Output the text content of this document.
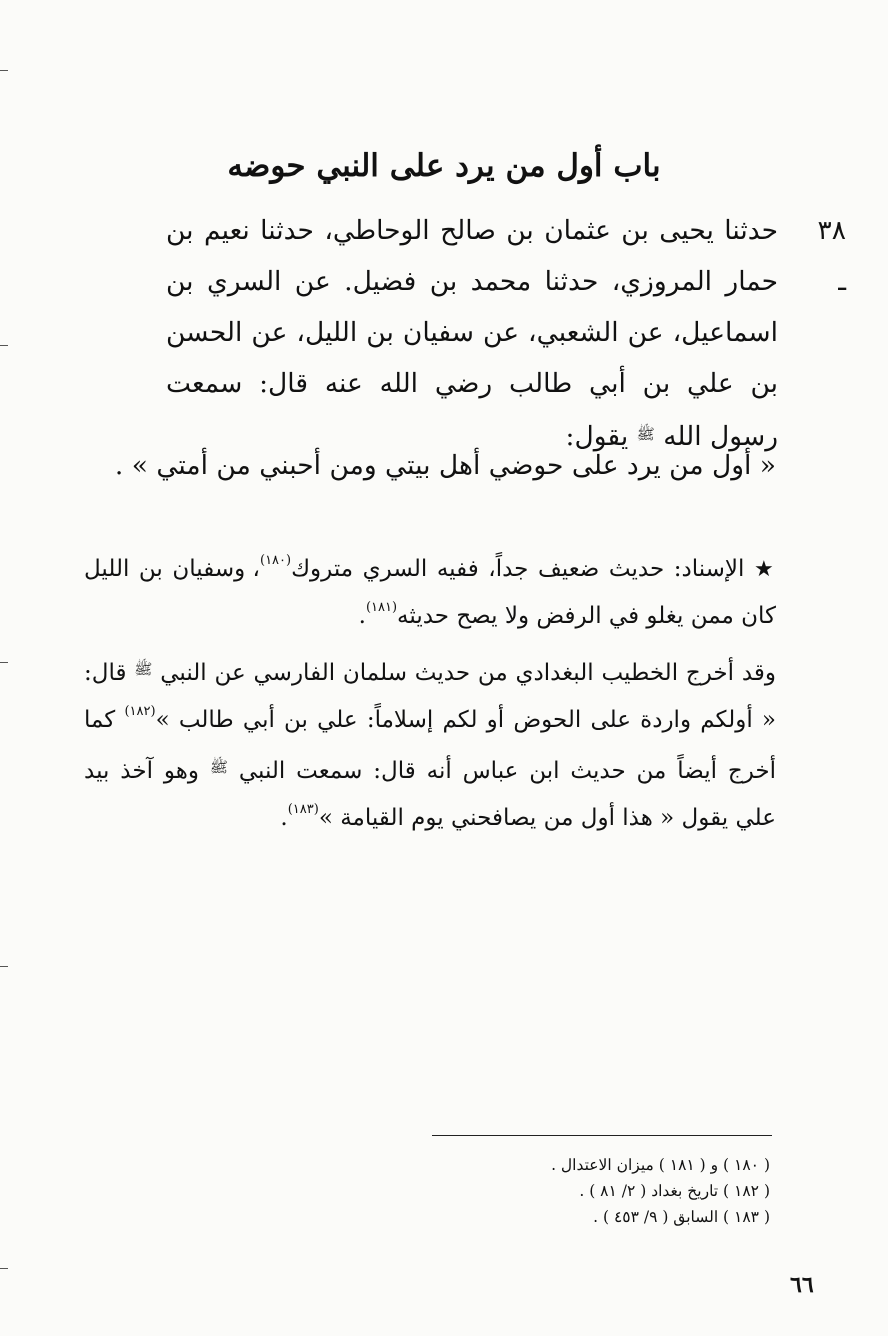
باب أول من يرد على النبي حوضه
٣٨ ـ
حدثنا يحيى بن عثمان بن صالح الوحاطي، حدثنا نعيم بن حمار المروزي، حدثنا محمد بن فضيل. عن السري بن اسماعيل، عن الشعبي، عن سفيان بن الليل، عن الحسن بن علي بن أبي طالب رضي الله عنه قال: سمعت رسول الله $^ﷺ$ يقول:
« أول من يرد على حوضي أهل بيتي ومن أحبني من أمتي » .

★ الإسناد: حديث ضعيف جداً، ففيه السري متروك$^{(١٨٠)}$، وسفيان بن الليل كان ممن يغلو في الرفض ولا يصح حديثه$^{(١٨١)}$.

وقد أخرج الخطيب البغدادي من حديث سلمان الفارسي عن النبي $^ﷺ$ قال: « أولكم واردة على الحوض أو لكم إسلاماً: علي بن أبي طالب »$^{(١٨٢)}$ كما أخرج أيضاً من حديث ابن عباس أنه قال: سمعت النبي $^ﷺ$ وهو آخذ بيد علي يقول « هذا أول من يصافحني يوم القيامة »$^{(١٨٣)}$.

( ١٨٠ ) و ( ١٨١ ) ميزان الاعتدال .
( ١٨٢ ) تاريخ بغداد ( ٢/ ٨١ ) .
( ١٨٣ ) السابق ( ٩/ ٤٥٣ ) .
٦٦
